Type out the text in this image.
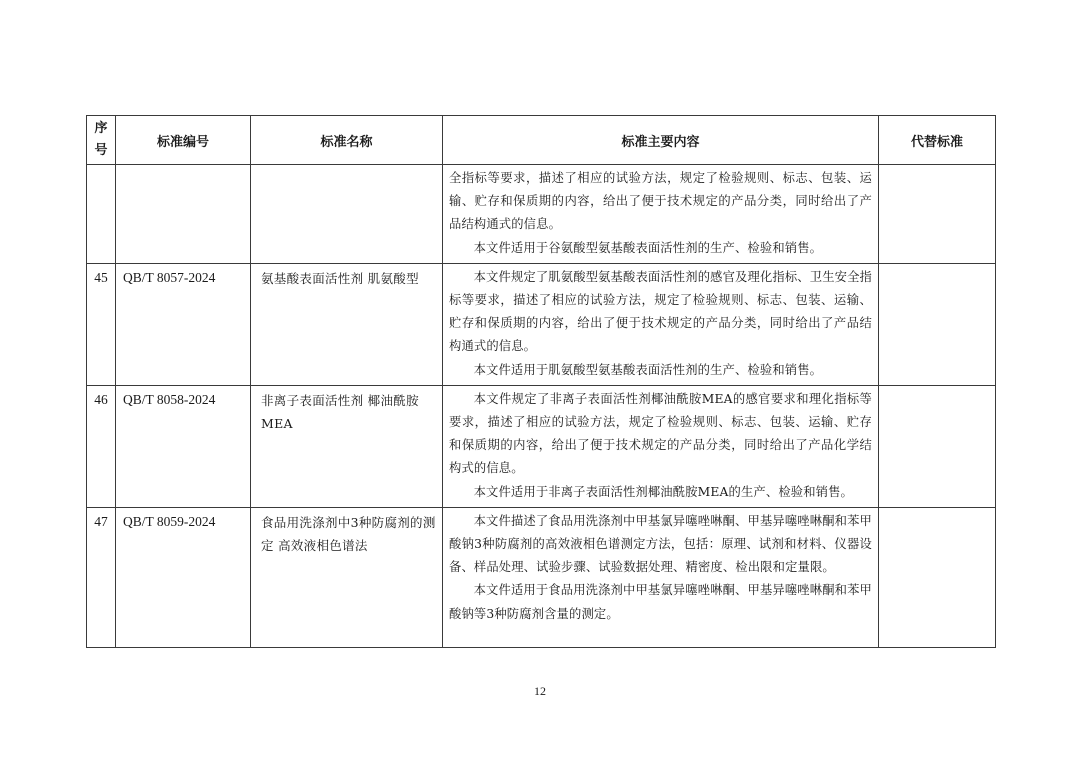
序
号	标准编号	标准名称	标准主要内容	代替标准

			全指标等要求，描述了相应的试验方法，规定了检验规则、标志、包装、运输、贮存和保质期的内容，给出了便于技术规定的产品分类，同时给出了产品结构通式的信息。
本文件适用于谷氨酸型氨基酸表面活性剂的生产、检验和销售。	

45	QB/T 8057-2024	氨基酸表面活性剂 肌氨酸型	本文件规定了肌氨酸型氨基酸表面活性剂的感官及理化指标、卫生安全指标等要求，描述了相应的试验方法，规定了检验规则、标志、包装、运输、贮存和保质期的内容，给出了便于技术规定的产品分类，同时给出了产品结构通式的信息。
本文件适用于肌氨酸型氨基酸表面活性剂的生产、检验和销售。	

46	QB/T 8058-2024	非离子表面活性剂 椰油酰胺MEA	本文件规定了非离子表面活性剂椰油酰胺MEA的感官要求和理化指标等要求，描述了相应的试验方法，规定了检验规则、标志、包装、运输、贮存和保质期的内容，给出了便于技术规定的产品分类，同时给出了产品化学结构式的信息。
本文件适用于非离子表面活性剂椰油酰胺MEA的生产、检验和销售。	

47	QB/T 8059-2024	食品用洗涤剂中3种防腐剂的测定 高效液相色谱法	本文件描述了食品用洗涤剂中甲基氯异噻唑啉酮、甲基异噻唑啉酮和苯甲酸钠3种防腐剂的高效液相色谱测定方法，包括：原理、试剂和材料、仪器设备、样品处理、试验步骤、试验数据处理、精密度、检出限和定量限。
本文件适用于食品用洗涤剂中甲基氯异噻唑啉酮、甲基异噻唑啉酮和苯甲酸钠等3种防腐剂含量的测定。	

12
